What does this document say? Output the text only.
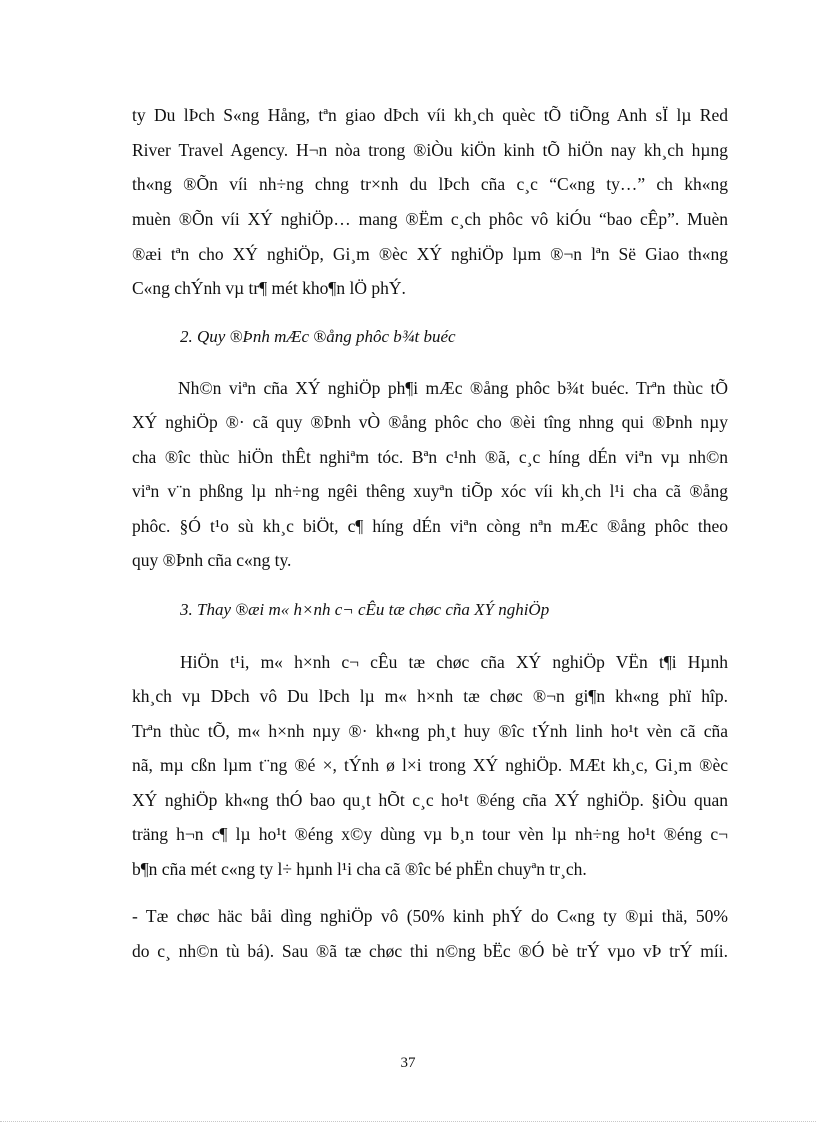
ty Du lÞch S«ng Hång, tªn giao dÞch víi kh¸ch quèc tÕ tiÕng Anh sÏ lµ Red
River Travel Agency. H¬n nòa trong ®iÒu kiÖn kinh tÕ hiÖn nay kh¸ch hµng
th«ng ®Õn víi nh÷ng chng tr×nh du lÞch cña c¸c “C«ng ty…” ch kh«ng
muèn ®Õn víi XÝ nghiÖp… mang ®Ëm c¸ch phôc vô kiÓu “bao cÊp”. Muèn
®æi tªn cho XÝ nghiÖp, Gi¸m ®èc XÝ nghiÖp lµm ®¬n lªn Së Giao th«ng
C«ng chÝnh vµ tr¶ mét kho¶n lÖ phÝ.
2. Quy ®Þnh mÆc ®ång phôc b¾t buéc
Nh©n viªn cña XÝ nghiÖp ph¶i mÆc ®ång phôc b¾t buéc. Trªn thùc tÕ
XÝ nghiÖp ®· cã quy ®Þnh vÒ ®ång phôc cho ®èi tîng nhng qui ®Þnh nµy
cha ®îc thùc hiÖn thÊt nghiªm tóc. Bªn c¹nh ®ã, c¸c híng dÉn viªn vµ nh©n
viªn v¨n phßng lµ nh÷ng ngêi thêng xuyªn tiÕp xóc víi kh¸ch l¹i cha cã ®ång
phôc. §Ó t¹o sù kh¸c biÖt, c¶ híng dÉn viªn còng nªn mÆc ®ång phôc theo
quy ®Þnh cña c«ng ty.
3. Thay ®æi m« h×nh c¬ cÊu tæ chøc cña XÝ nghiÖp
HiÖn t¹i, m« h×nh c¬ cÊu tæ chøc cña XÝ nghiÖp VËn t¶i Hµnh
kh¸ch vµ DÞch vô Du lÞch lµ m« h×nh tæ chøc ®¬n gi¶n kh«ng phï hîp.
Trªn thùc tÕ, m« h×nh nµy ®· kh«ng ph¸t huy ®îc tÝnh linh ho¹t vèn cã cña
nã, mµ cßn lµm t¨ng ®é ×, tÝnh ø l×i trong XÝ nghiÖp. MÆt kh¸c, Gi¸m ®èc
XÝ nghiÖp kh«ng thÓ bao qu¸t hÕt c¸c ho¹t ®éng cña XÝ nghiÖp. §iÒu quan
träng h¬n c¶ lµ ho¹t ®éng x©y dùng vµ b¸n tour vèn lµ nh÷ng ho¹t ®éng c¬
b¶n cña mét c«ng ty l÷ hµnh l¹i cha cã ®îc bé phËn chuyªn tr¸ch.
- Tæ chøc häc båi dìng nghiÖp vô (50% kinh phÝ do C«ng ty ®µi thä, 50%
do c¸ nh©n tù bá). Sau ®ã tæ chøc thi n©ng bËc ®Ó bè trÝ vµo vÞ trÝ míi.
37
